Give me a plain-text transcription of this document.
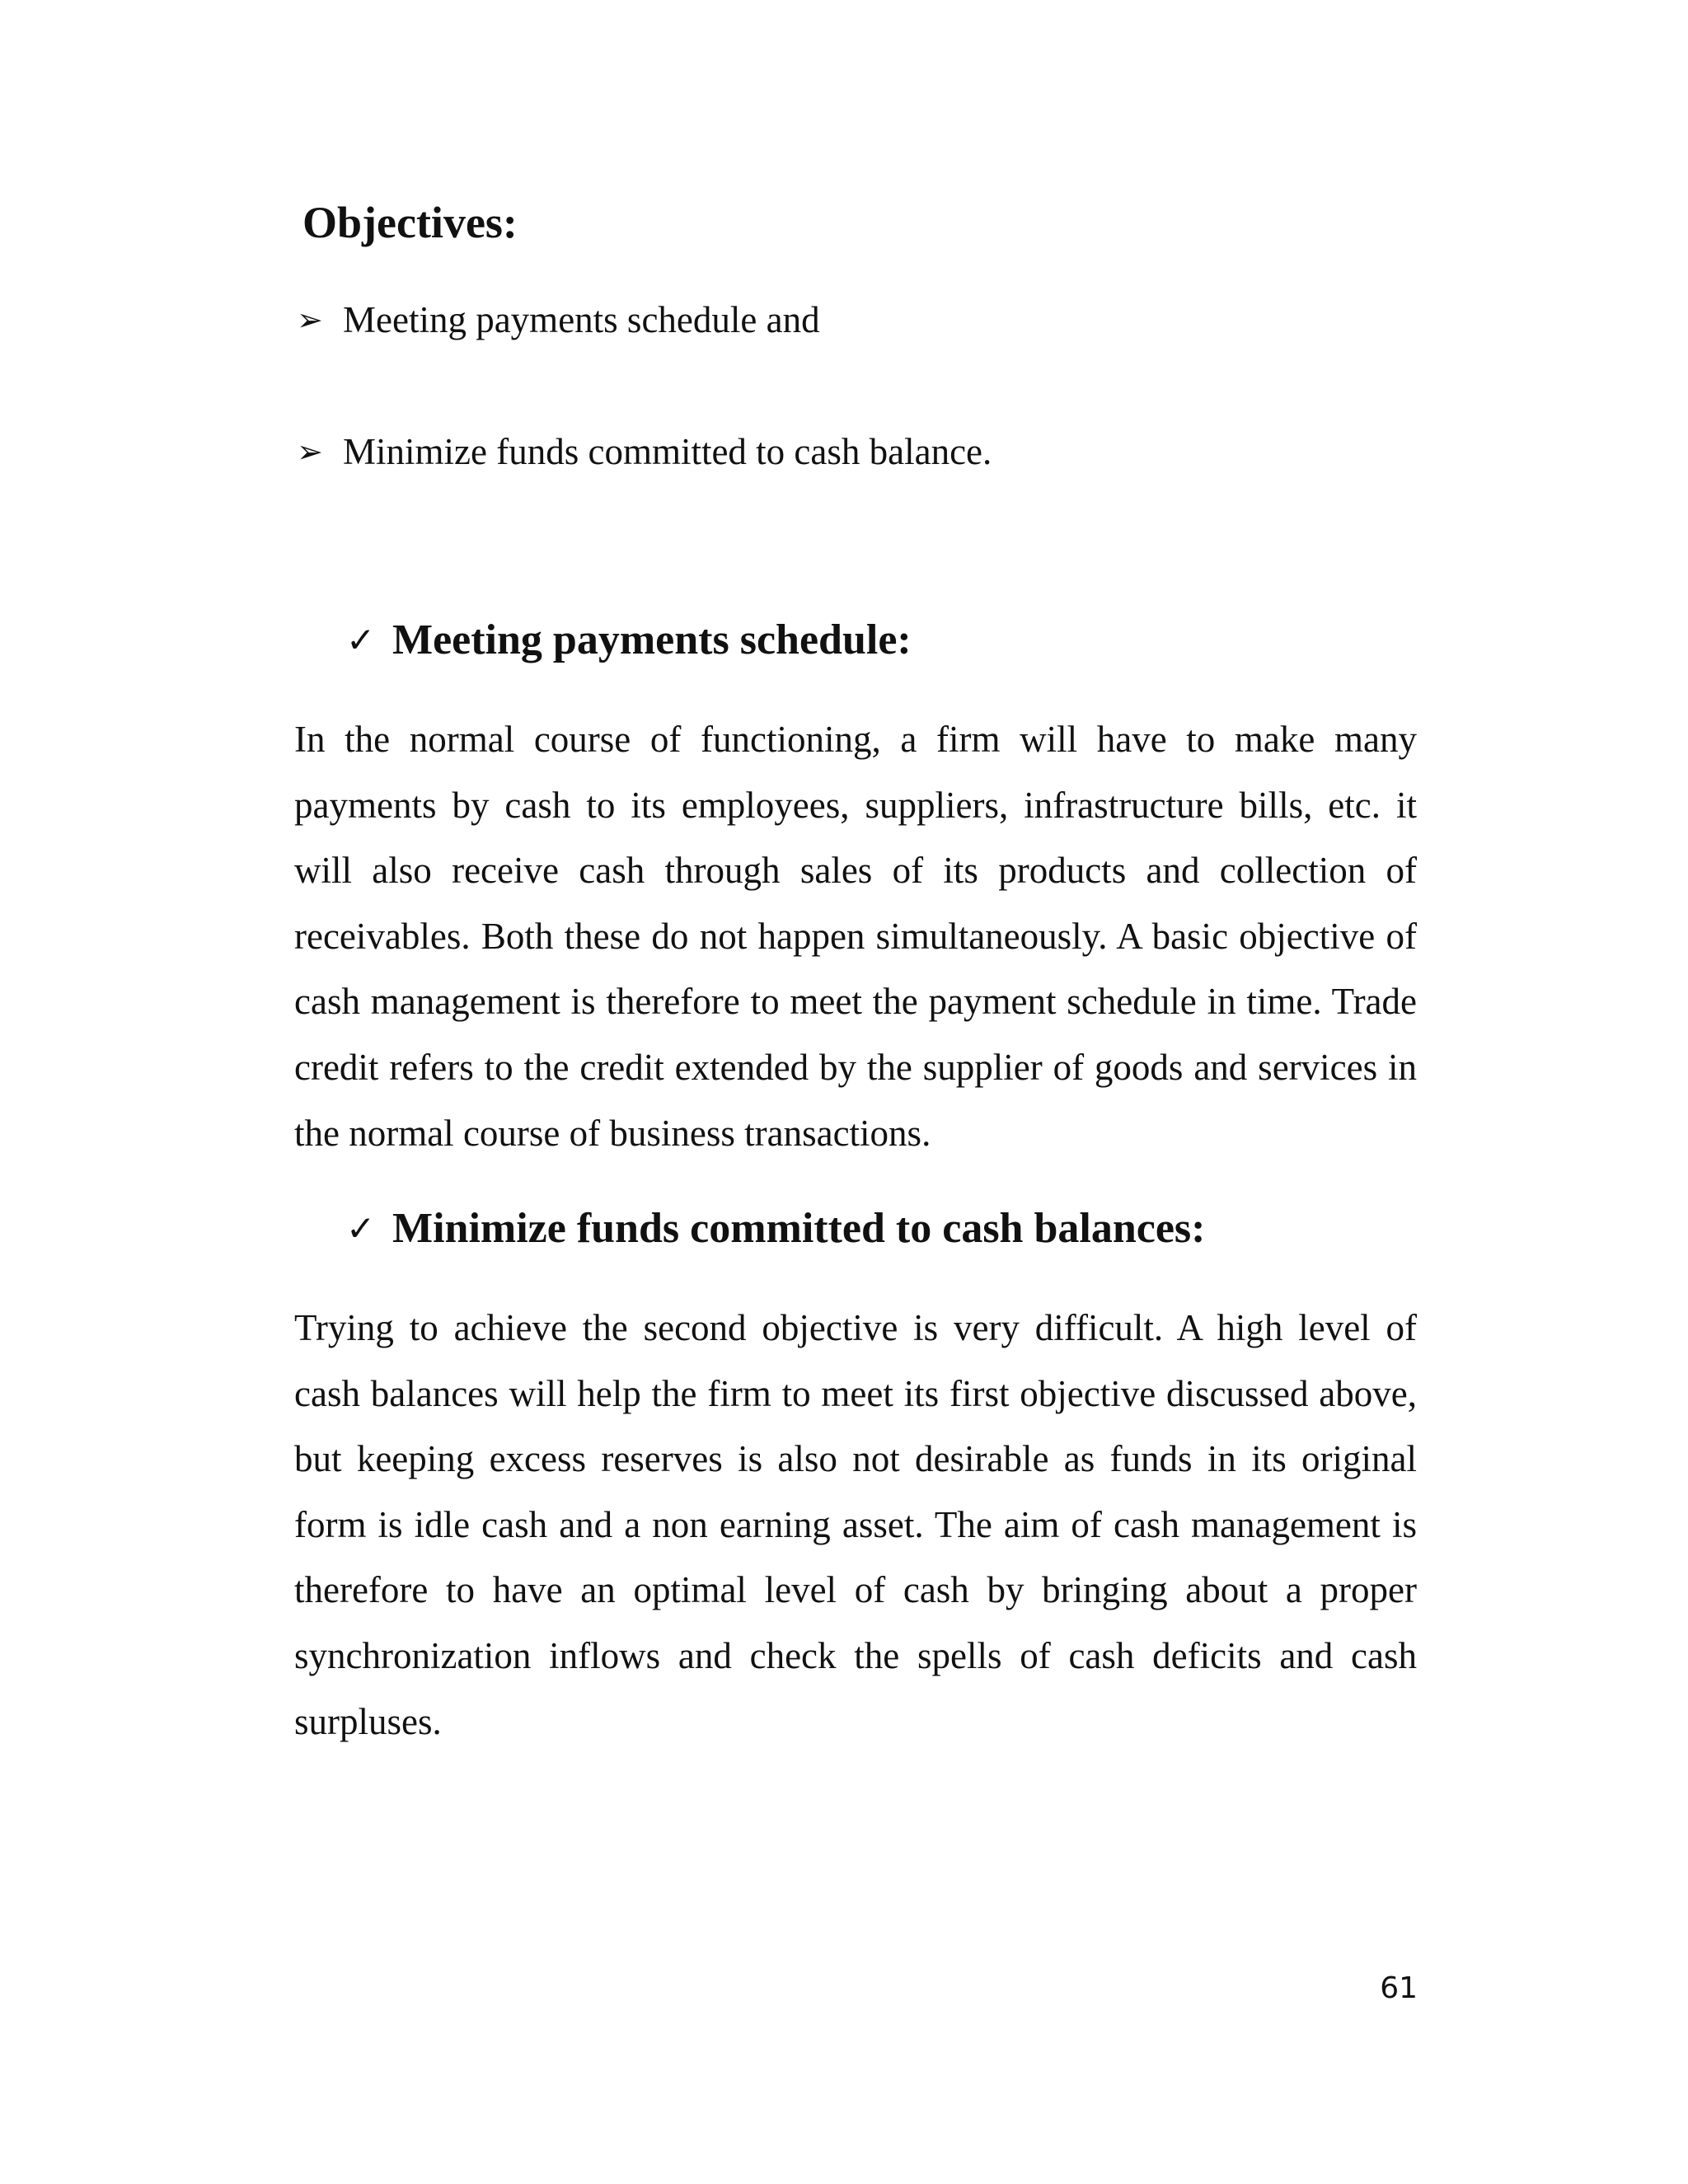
Objectives:

➢ Meeting payments schedule and

➢ Minimize funds committed to cash balance.

✓ Meeting payments schedule:

In the normal course of functioning, a firm will have to make many payments by cash to its employees, suppliers, infrastructure bills, etc. it will also receive cash through sales of its products and collection of receivables. Both these do not happen simultaneously. A basic objective of cash management is therefore to meet the payment schedule in time. Trade credit refers to the credit extended by the supplier of goods and services in the normal course of business transactions.

✓ Minimize funds committed to cash balances:

Trying to achieve the second objective is very difficult. A high level of cash balances will help the firm to meet its first objective discussed above, but keeping excess reserves is also not desirable as funds in its original form is idle cash and a non earning asset. The aim of cash management is therefore to have an optimal level of cash by bringing about a proper synchronization inflows and check the spells of cash deficits and cash surpluses.

61
